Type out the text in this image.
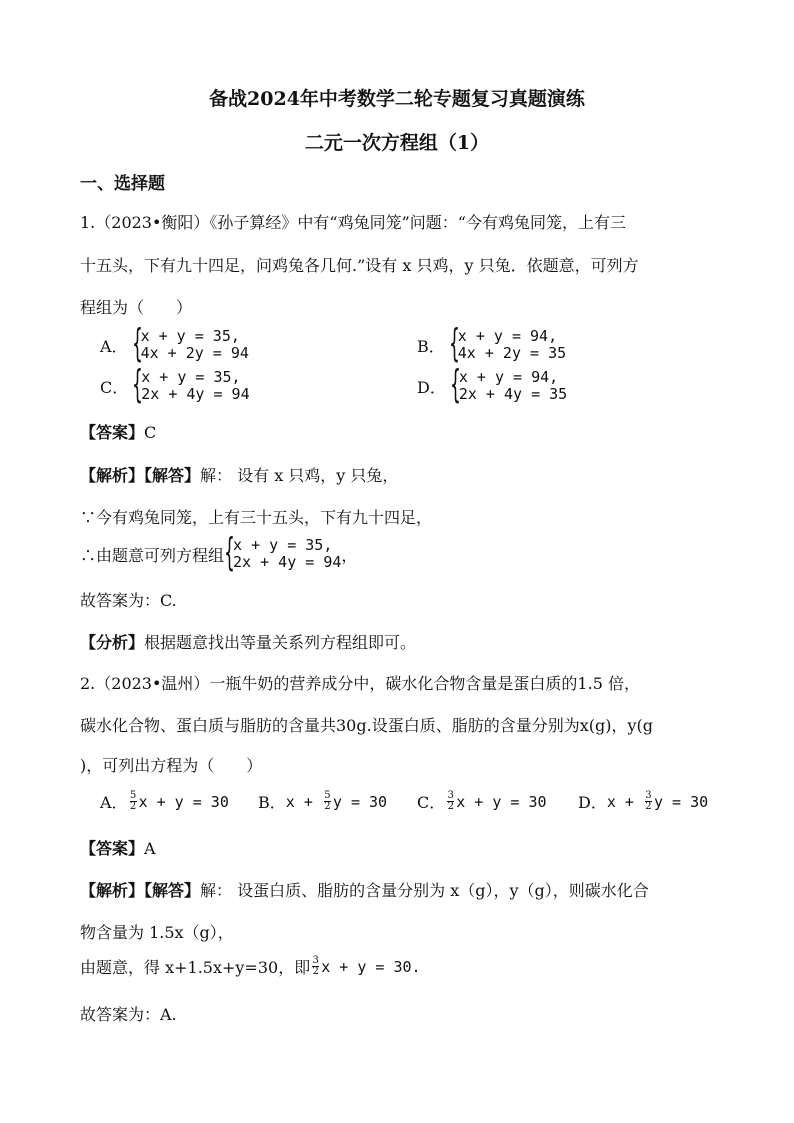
备战2024年中考数学二轮专题复习真题演练
二元一次方程组（1）
一、选择题
1.（2023•衡阳）《孙子算经》中有“鸡兔同笼”问题：“今有鸡兔同笼，上有三
十五头，下有九十四足，问鸡兔各几何.”设有 x 只鸡，y 只兔．依题意，可列方
程组为（　　）
A． {
x + y = 35,
4x + 2y = 94	B． {
x + y = 94,
4x + 2y = 35
C． {
x + y = 35,
2x + 4y = 94	D． {
x + y = 94,
2x + 4y = 35
【答案】C
【解析】【解答】解： 设有 x 只鸡，y 只兔，
∵今有鸡兔同笼，上有三十五头，下有九十四足，
∴由题意可列方程组 {
x + y = 35,
2x + 4y = 94 ，
故答案为：C.
【分析】根据题意找出等量关系列方程组即可。
2.（2023•温州）一瓶牛奶的营养成分中，碳水化合物含量是蛋白质的1.5 倍，
碳水化合物、蛋白质与脂肪的含量共30g.设蛋白质、脂肪的含量分别为x(g)，y(g
)，可列出方程为（　　）
A． $\frac{5}{2}$ x + y = 30 B． $x + \frac{5}{2}$ y = 30 C． $\frac{3}{2}$ x + y = 30 D． $x + \frac{3}{2}$ y = 30
【答案】A
【解析】【解答】解： 设蛋白质、脂肪的含量分别为 x（g），y（g），则碳水化合
物含量为 1.5x（g），
由题意，得 x+1.5x+y=30，即 $\frac{3}{2}$ x + y = 30.
故答案为：A.
